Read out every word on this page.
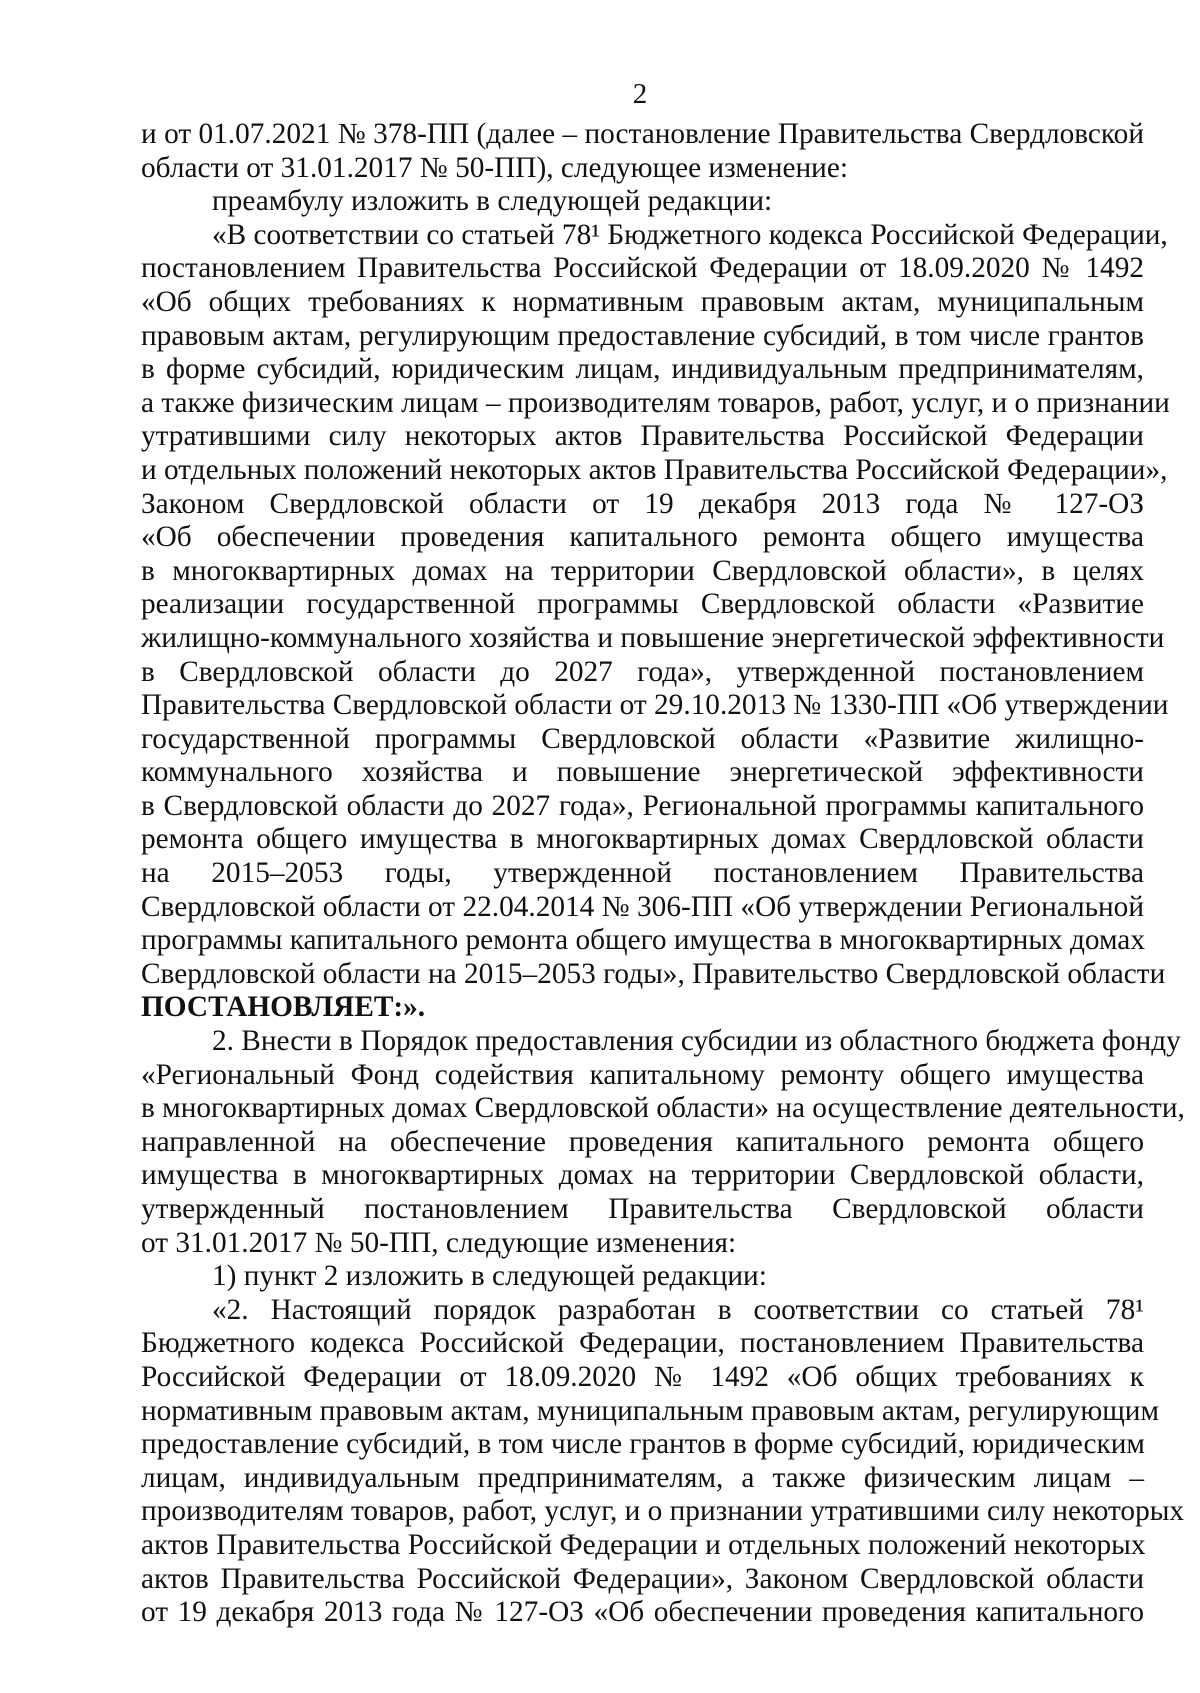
2
и от 01.07.2021 № 378-ПП (далее – постановление Правительства Свердловской
области от 31.01.2017 № 50-ПП), следующее изменение:
преамбулу изложить в следующей редакции:
«В соответствии со статьей 78¹ Бюджетного кодекса Российской Федерации,
постановлением Правительства Российской Федерации от 18.09.2020 № 1492
«Об общих требованиях к нормативным правовым актам, муниципальным
правовым актам, регулирующим предоставление субсидий, в том числе грантов
в форме субсидий, юридическим лицам, индивидуальным предпринимателям,
а также физическим лицам – производителям товаров, работ, услуг, и о признании
утратившими силу некоторых актов Правительства Российской Федерации
и отдельных положений некоторых актов Правительства Российской Федерации»,
Законом Свердловской области от 19 декабря 2013 года № 127-ОЗ
«Об обеспечении проведения капитального ремонта общего имущества
в многоквартирных домах на территории Свердловской области», в целях
реализации государственной программы Свердловской области «Развитие
жилищно-коммунального хозяйства и повышение энергетической эффективности
в Свердловской области до 2027 года», утвержденной постановлением
Правительства Свердловской области от 29.10.2013 № 1330-ПП «Об утверждении
государственной программы Свердловской области «Развитие жилищно-
коммунального хозяйства и повышение энергетической эффективности
в Свердловской области до 2027 года», Региональной программы капитального
ремонта общего имущества в многоквартирных домах Свердловской области
на 2015–2053 годы, утвержденной постановлением Правительства
Свердловской области от 22.04.2014 № 306-ПП «Об утверждении Региональной
программы капитального ремонта общего имущества в многоквартирных домах
Свердловской области на 2015–2053 годы», Правительство Свердловской области
ПОСТАНОВЛЯЕТ:».
2. Внести в Порядок предоставления субсидии из областного бюджета фонду
«Региональный Фонд содействия капитальному ремонту общего имущества
в многоквартирных домах Свердловской области» на осуществление деятельности,
направленной на обеспечение проведения капитального ремонта общего
имущества в многоквартирных домах на территории Свердловской области,
утвержденный постановлением Правительства Свердловской области
от 31.01.2017 № 50-ПП, следующие изменения:
1) пункт 2 изложить в следующей редакции:
«2. Настоящий порядок разработан в соответствии со статьей 78¹
Бюджетного кодекса Российской Федерации, постановлением Правительства
Российской Федерации от 18.09.2020 № 1492 «Об общих требованиях к
нормативным правовым актам, муниципальным правовым актам, регулирующим
предоставление субсидий, в том числе грантов в форме субсидий, юридическим
лицам, индивидуальным предпринимателям, а также физическим лицам –
производителям товаров, работ, услуг, и о признании утратившими силу некоторых
актов Правительства Российской Федерации и отдельных положений некоторых
актов Правительства Российской Федерации», Законом Свердловской области
от 19 декабря 2013 года № 127-ОЗ «Об обеспечении проведения капитального
